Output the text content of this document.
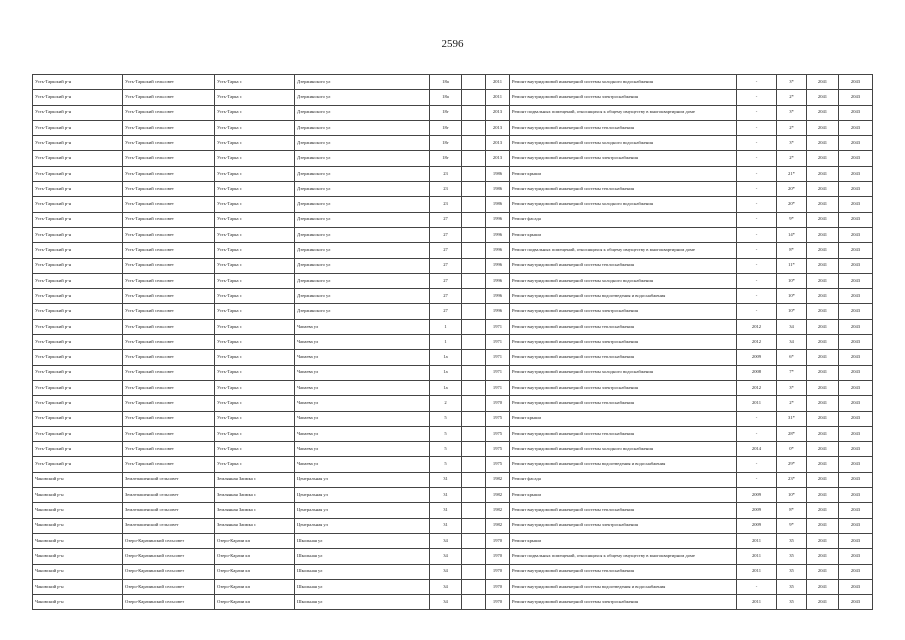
2596
Усть-Таркский р-н	Усть-Таркский сельсовет	Усть-Тарка с	Дзержинского ул	18а		2011	Ремонт внутридомовой инженерной системы холодного водоснабжения	-	3*	2041	2043
Усть-Таркский р-н	Усть-Таркский сельсовет	Усть-Тарка с	Дзержинского ул	18а		2011	Ремонт внутридомовой инженерной системы электроснабжения	-	2*	2041	2043
Усть-Таркский р-н	Усть-Таркский сельсовет	Усть-Тарка с	Дзержинского ул	18г		2013	Ремонт подвальных помещений, относящихся к общему имуществу в многоквартирном доме	-	3*	2041	2043
Усть-Таркский р-н	Усть-Таркский сельсовет	Усть-Тарка с	Дзержинского ул	18г		2013	Ремонт внутридомовой инженерной системы теплоснабжения	-	2*	2041	2043
Усть-Таркский р-н	Усть-Таркский сельсовет	Усть-Тарка с	Дзержинского ул	18г		2013	Ремонт внутридомовой инженерной системы холодного водоснабжения	-	3*	2041	2043
Усть-Таркский р-н	Усть-Таркский сельсовет	Усть-Тарка с	Дзержинского ул	18г		2013	Ремонт внутридомовой инженерной системы электроснабжения	-	2*	2041	2043
Усть-Таркский р-н	Усть-Таркский сельсовет	Усть-Тарка с	Дзержинского ул	23		1986	Ремонт крыши	-	21*	2041	2043
Усть-Таркский р-н	Усть-Таркский сельсовет	Усть-Тарка с	Дзержинского ул	23		1986	Ремонт внутридомовой инженерной системы теплоснабжения	-	20*	2041	2043
Усть-Таркский р-н	Усть-Таркский сельсовет	Усть-Тарка с	Дзержинского ул	23		1986	Ремонт внутридомовой инженерной системы холодного водоснабжения	-	20*	2041	2043
Усть-Таркский р-н	Усть-Таркский сельсовет	Усть-Тарка с	Дзержинского ул	27		1996	Ремонт фасада	-	9*	2041	2043
Усть-Таркский р-н	Усть-Таркский сельсовет	Усть-Тарка с	Дзержинского ул	27		1996	Ремонт крыши	-	14*	2041	2043
Усть-Таркский р-н	Усть-Таркский сельсовет	Усть-Тарка с	Дзержинского ул	27		1996	Ремонт подвальных помещений, относящихся к общему имуществу в многоквартирном доме	-	8*	2041	2043
Усть-Таркский р-н	Усть-Таркский сельсовет	Усть-Тарка с	Дзержинского ул	27		1996	Ремонт внутридомовой инженерной системы теплоснабжения	-	11*	2041	2043
Усть-Таркский р-н	Усть-Таркский сельсовет	Усть-Тарка с	Дзержинского ул	27		1996	Ремонт внутридомовой инженерной системы холодного водоснабжения	-	10*	2041	2043
Усть-Таркский р-н	Усть-Таркский сельсовет	Усть-Тарка с	Дзержинского ул	27		1996	Ремонт внутридомовой инженерной системы водоотведения и водоснабжения	-	10*	2041	2043
Усть-Таркский р-н	Усть-Таркский сельсовет	Усть-Тарка с	Дзержинского ул	27		1996	Ремонт внутридомовой инженерной системы электроснабжения	-	10*	2041	2043
Усть-Таркский р-н	Усть-Таркский сельсовет	Усть-Тарка с	Чапаева ул	1		1971	Ремонт внутридомовой инженерной системы теплоснабжения	2012	34	2041	2043
Усть-Таркский р-н	Усть-Таркский сельсовет	Усть-Тарка с	Чапаева ул	1		1971	Ремонт внутридомовой инженерной системы электроснабжения	2012	34	2041	2043
Усть-Таркский р-н	Усть-Таркский сельсовет	Усть-Тарка с	Чапаева ул	1а		1971	Ремонт внутридомовой инженерной системы теплоснабжения	2009	6*	2041	2043
Усть-Таркский р-н	Усть-Таркский сельсовет	Усть-Тарка с	Чапаева ул	1а		1971	Ремонт внутридомовой инженерной системы холодного водоснабжения	2008	7*	2041	2043
Усть-Таркский р-н	Усть-Таркский сельсовет	Усть-Тарка с	Чапаева ул	1а		1971	Ремонт внутридомовой инженерной системы электроснабжения	2012	3*	2041	2043
Усть-Таркский р-н	Усть-Таркский сельсовет	Усть-Тарка с	Чапаева ул	2		1970	Ремонт внутридомовой инженерной системы теплоснабжения	2011	2*	2041	2043
Усть-Таркский р-н	Усть-Таркский сельсовет	Усть-Тарка с	Чапаева ул	5		1975	Ремонт крыши	-	31*	2041	2043
Усть-Таркский р-н	Усть-Таркский сельсовет	Усть-Тарка с	Чапаева ул	5		1975	Ремонт внутридомовой инженерной системы теплоснабжения	-	28*	2041	2043
Усть-Таркский р-н	Усть-Таркский сельсовет	Усть-Тарка с	Чапаева ул	5		1975	Ремонт внутридомовой инженерной системы холодного водоснабжения	2014	0*	2041	2043
Усть-Таркский р-н	Усть-Таркский сельсовет	Усть-Тарка с	Чапаева ул	5		1975	Ремонт внутридомовой инженерной системы водоотведения и водоснабжения	-	29*	2041	2043
Чановский р-н	Землепашенский сельсовет	Землянная Заимка с	Центральная ул	31		1982	Ремонт фасада	-	23*	2041	2043
Чановский р-н	Землепашенский сельсовет	Землянная Заимка с	Центральная ул	31		1982	Ремонт крыши	2009	10*	2041	2043
Чановский р-н	Землепашенский сельсовет	Землянная Заимка с	Центральная ул	31		1982	Ремонт внутридомовой инженерной системы теплоснабжения	2009	8*	2041	2043
Чановский р-н	Землепашенский сельсовет	Землянная Заимка с	Центральная ул	31		1982	Ремонт внутридомовой инженерной системы электроснабжения	2009	9*	2041	2043
Чановский р-н	Озеро-Карачинский сельсовет	Озеро-Карачи кп	Школьная ул	34		1970	Ремонт крыши	2011	35	2041	2043
Чановский р-н	Озеро-Карачинский сельсовет	Озеро-Карачи кп	Школьная ул	34		1970	Ремонт подвальных помещений, относящихся к общему имуществу в многоквартирном доме	2011	35	2041	2043
Чановский р-н	Озеро-Карачинский сельсовет	Озеро-Карачи кп	Школьная ул	34		1970	Ремонт внутридомовой инженерной системы теплоснабжения	2011	35	2041	2043
Чановский р-н	Озеро-Карачинский сельсовет	Озеро-Карачи кп	Школьная ул	34		1970	Ремонт внутридомовой инженерной системы водоотведения и водоснабжения	-	35	2041	2043
Чановский р-н	Озеро-Карачинский сельсовет	Озеро-Карачи кп	Школьная ул	34		1970	Ремонт внутридомовой инженерной системы электроснабжения	2011	35	2041	2043
